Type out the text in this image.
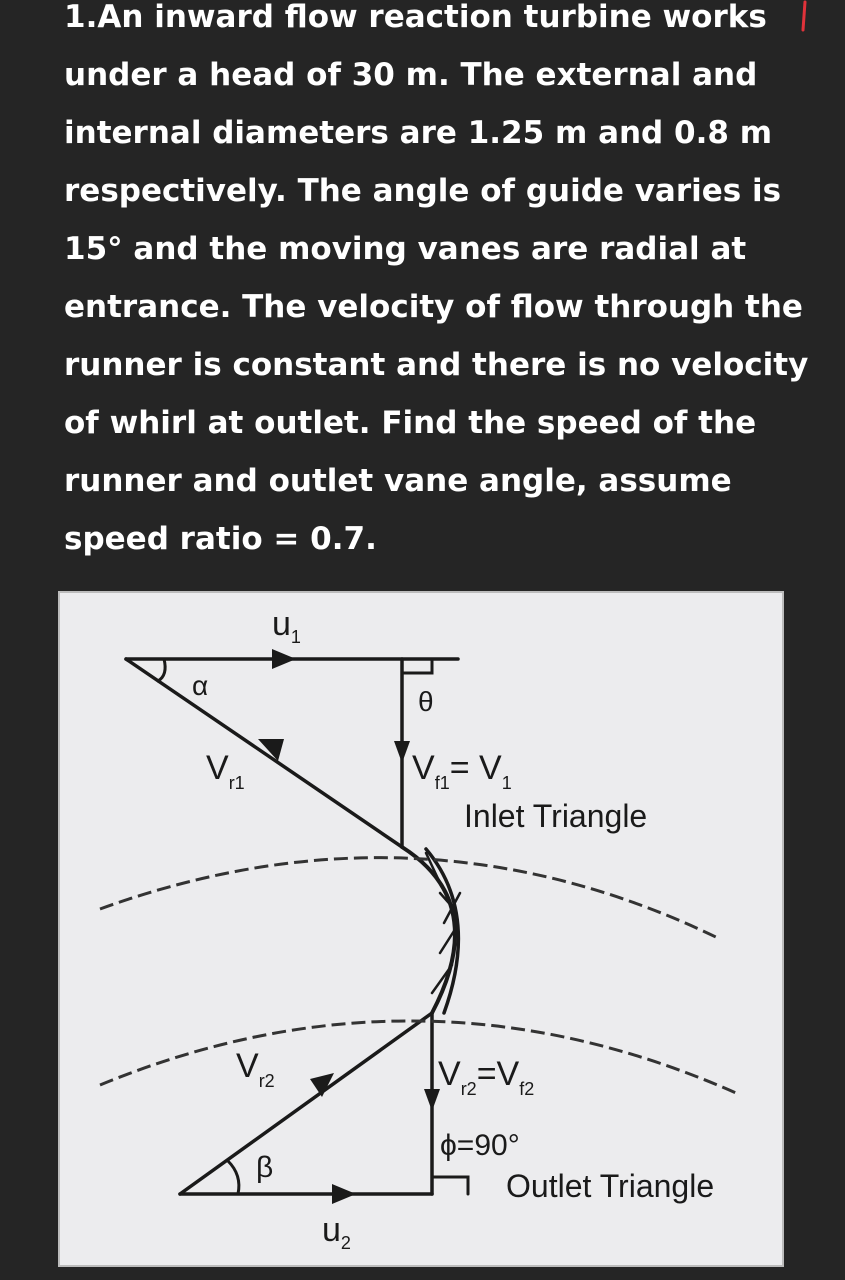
1.An inward flow reaction turbine works
under a head of 30 m. The external and
internal diameters are 1.25 m and 0.8 m
respectively. The angle of guide varies is
15° and the moving vanes are radial at
entrance. The velocity of flow through the
runner is constant and there is no velocity
of whirl at outlet. Find the speed of the
runner and outlet vane angle, assume
speed ratio = 0.7.
$u_1$
α
θ
$V_{r1}$	$V_{f1}= V_1$
Inlet Triangle
$V_{r2}$
β
$V_{r2}=V_{f2}$
ϕ=90°
Outlet Triangle
$u_2$
